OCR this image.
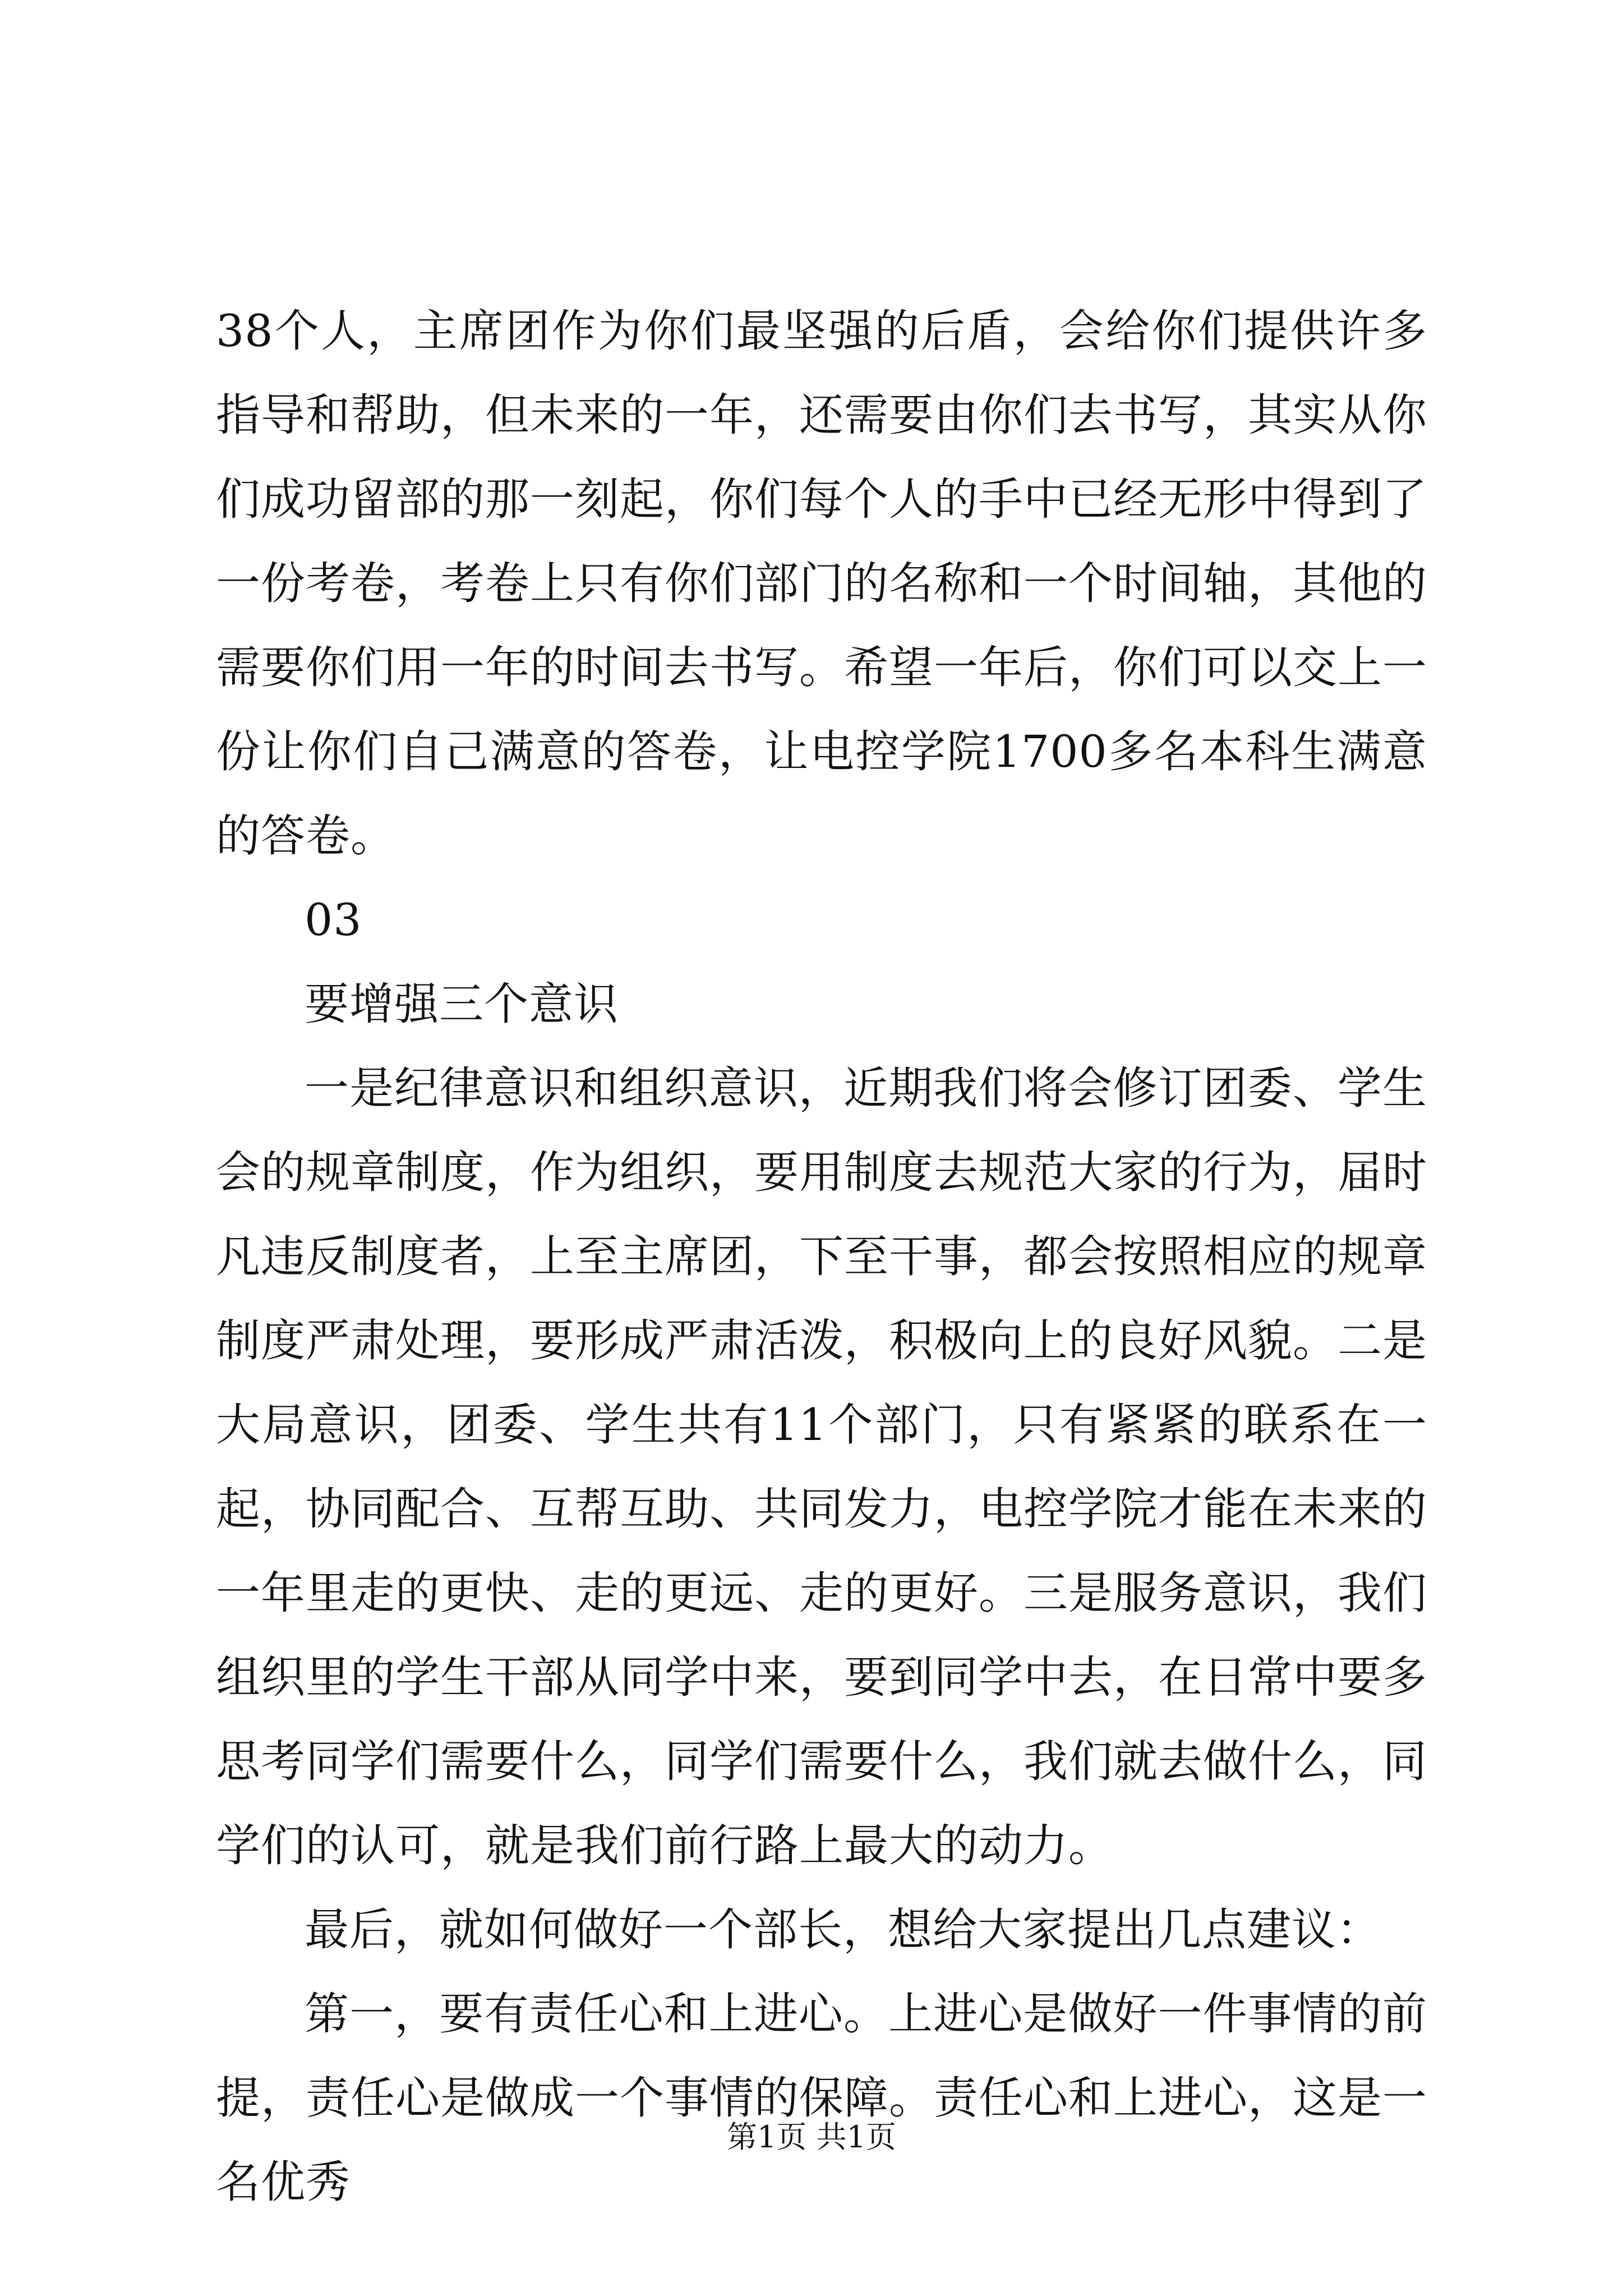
38个人，主席团作为你们最坚强的后盾，会给你们提供许多指导和帮助，但未来的一年，还需要由你们去书写，其实从你们成功留部的那一刻起，你们每个人的手中已经无形中得到了一份考卷，考卷上只有你们部门的名称和一个时间轴，其他的需要你们用一年的时间去书写。希望一年后，你们可以交上一份让你们自己满意的答卷，让电控学院1700多名本科生满意的答卷。

03

要增强三个意识

一是纪律意识和组织意识，近期我们将会修订团委、学生会的规章制度，作为组织，要用制度去规范大家的行为，届时凡违反制度者，上至主席团，下至干事，都会按照相应的规章制度严肃处理，要形成严肃活泼，积极向上的良好风貌。二是大局意识，团委、学生共有11个部门，只有紧紧的联系在一起，协同配合、互帮互助、共同发力，电控学院才能在未来的一年里走的更快、走的更远、走的更好。三是服务意识，我们组织里的学生干部从同学中来，要到同学中去，在日常中要多思考同学们需要什么，同学们需要什么，我们就去做什么，同学们的认可，就是我们前行路上最大的动力。

最后，就如何做好一个部长，想给大家提出几点建议：

第一，要有责任心和上进心。上进心是做好一件事情的前提，责任心是做成一个事情的保障。责任心和上进心，这是一名优秀

第1页 共1页
